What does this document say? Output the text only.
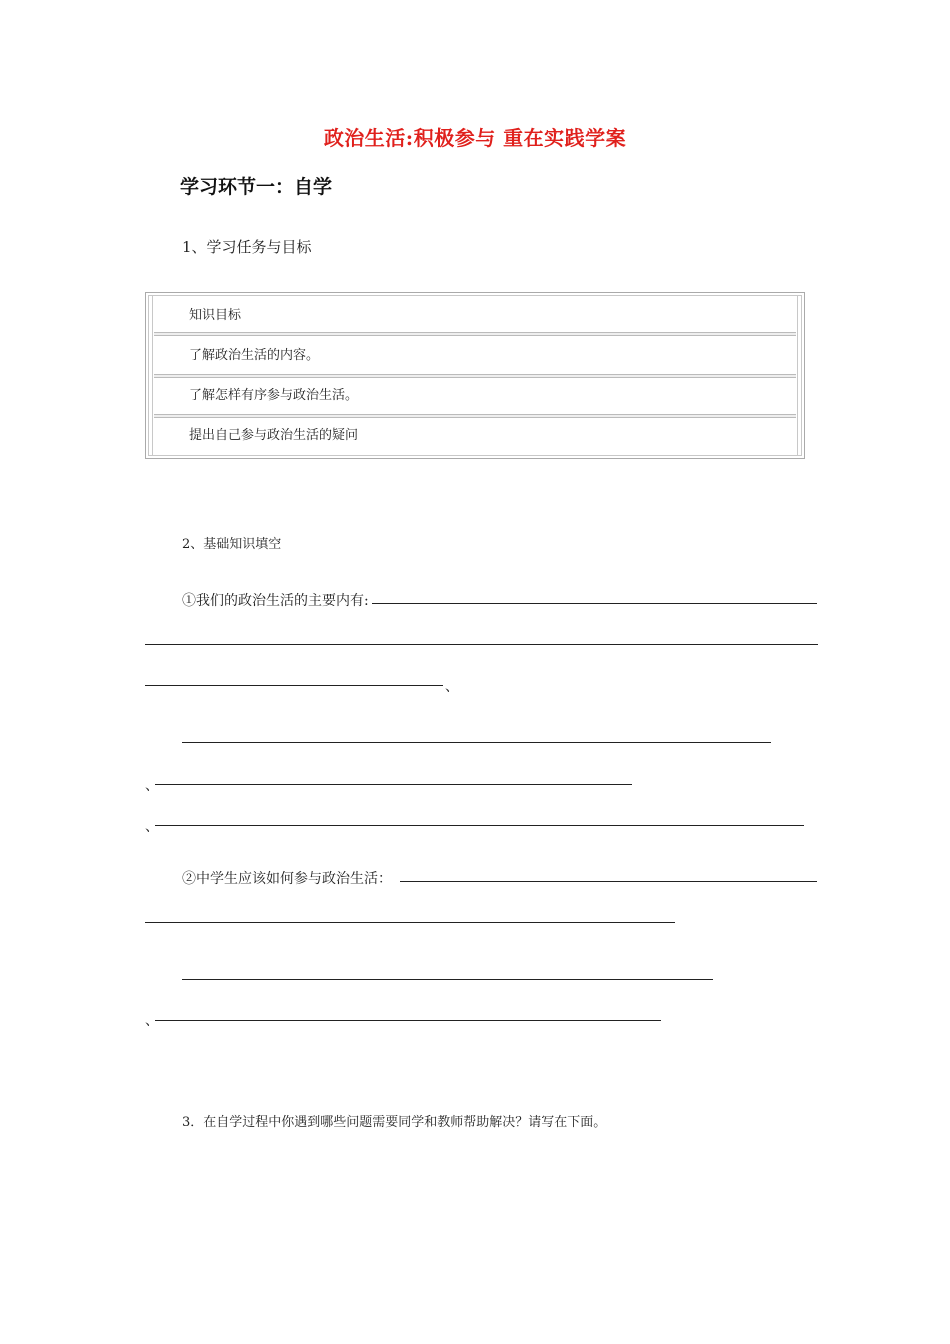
政治生活:积极参与 重在实践学案
学习环节一：自学
1、学习任务与目标
知识目标
了解政治生活的内容。
了解怎样有序参与政治生活。
提出自己参与政治生活的疑问
2、基础知识填空
①我们的政治生活的主要内有:
、
、
、
②中学生应该如何参与政治生活：
、
3．在自学过程中你遇到哪些问题需要同学和教师帮助解决？请写在下面。
